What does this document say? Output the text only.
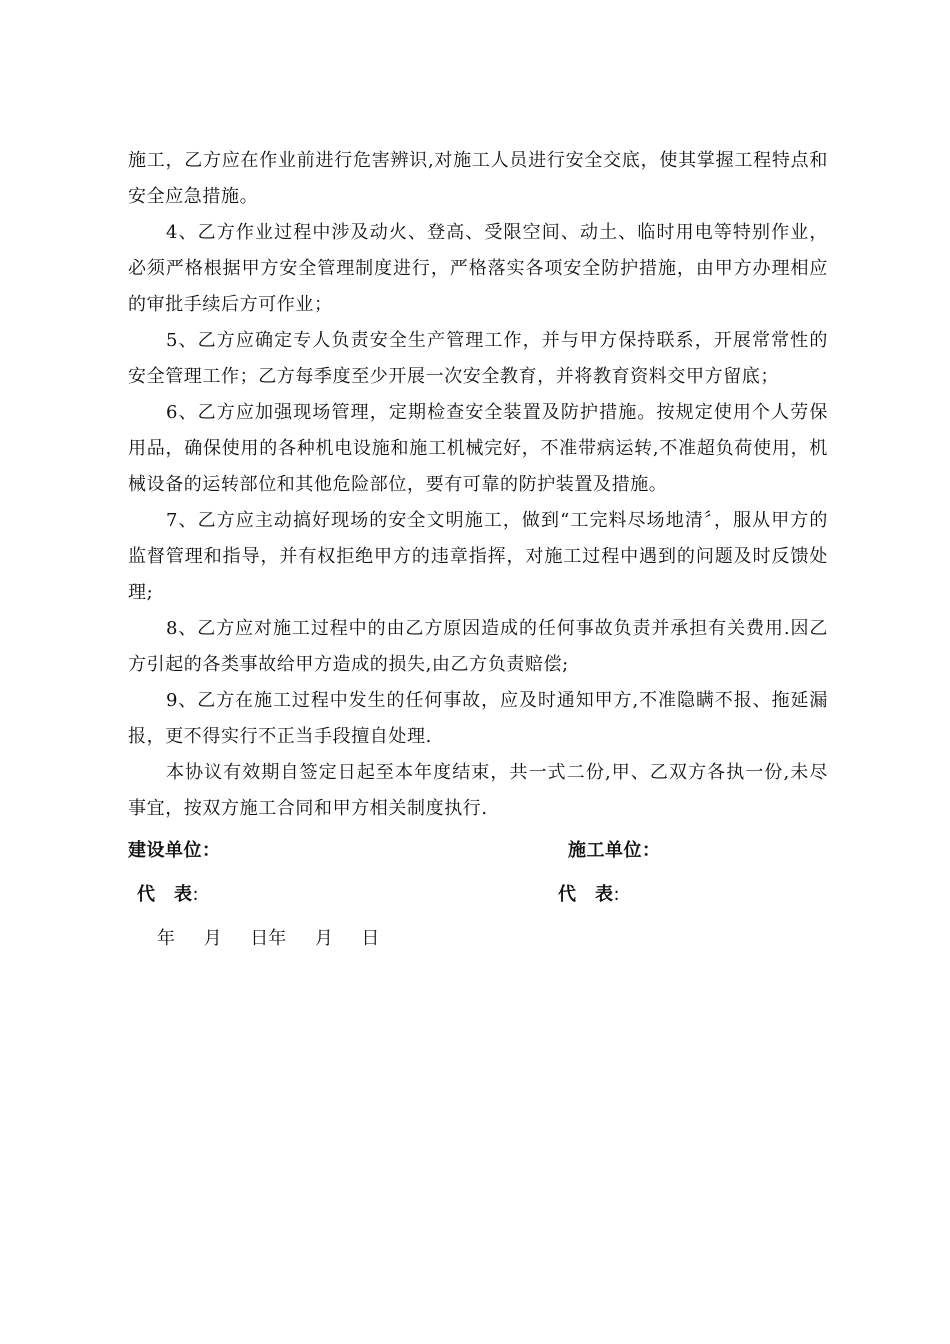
施工，乙方应在作业前进行危害辨识,对施工人员进行安全交底，使其掌握工程特点和安全应急措施。

4、乙方作业过程中涉及动火、登高、受限空间、动土、临时用电等特别作业，必须严格根据甲方安全管理制度进行，严格落实各项安全防护措施，由甲方办理相应的审批手续后方可作业；

5、乙方应确定专人负责安全生产管理工作，并与甲方保持联系，开展常常性的安全管理工作；乙方每季度至少开展一次安全教育，并将教育资料交甲方留底；

6、乙方应加强现场管理，定期检查安全装置及防护措施。按规定使用个人劳保用品，确保使用的各种机电设施和施工机械完好，不准带病运转,不准超负荷使用，机械设备的运转部位和其他危险部位，要有可靠的防护装置及措施。

7、乙方应主动搞好现场的安全文明施工，做到“工完料尽场地清〞，服从甲方的监督管理和指导，并有权拒绝甲方的违章指挥，对施工过程中遇到的问题及时反馈处理;

8、乙方应对施工过程中的由乙方原因造成的任何事故负责并承担有关费用.因乙方引起的各类事故给甲方造成的损失,由乙方负责赔偿;

9、乙方在施工过程中发生的任何事故，应及时通知甲方,不准隐瞒不报、拖延漏报，更不得实行不正当手段擅自处理.

本协议有效期自签定日起至本年度结束，共一式二份,甲、乙双方各执一份,未尽事宜，按双方施工合同和甲方相关制度执行.

建设单位：	施工单位：
代　表:	代　表:
年     月     日年     月     日
